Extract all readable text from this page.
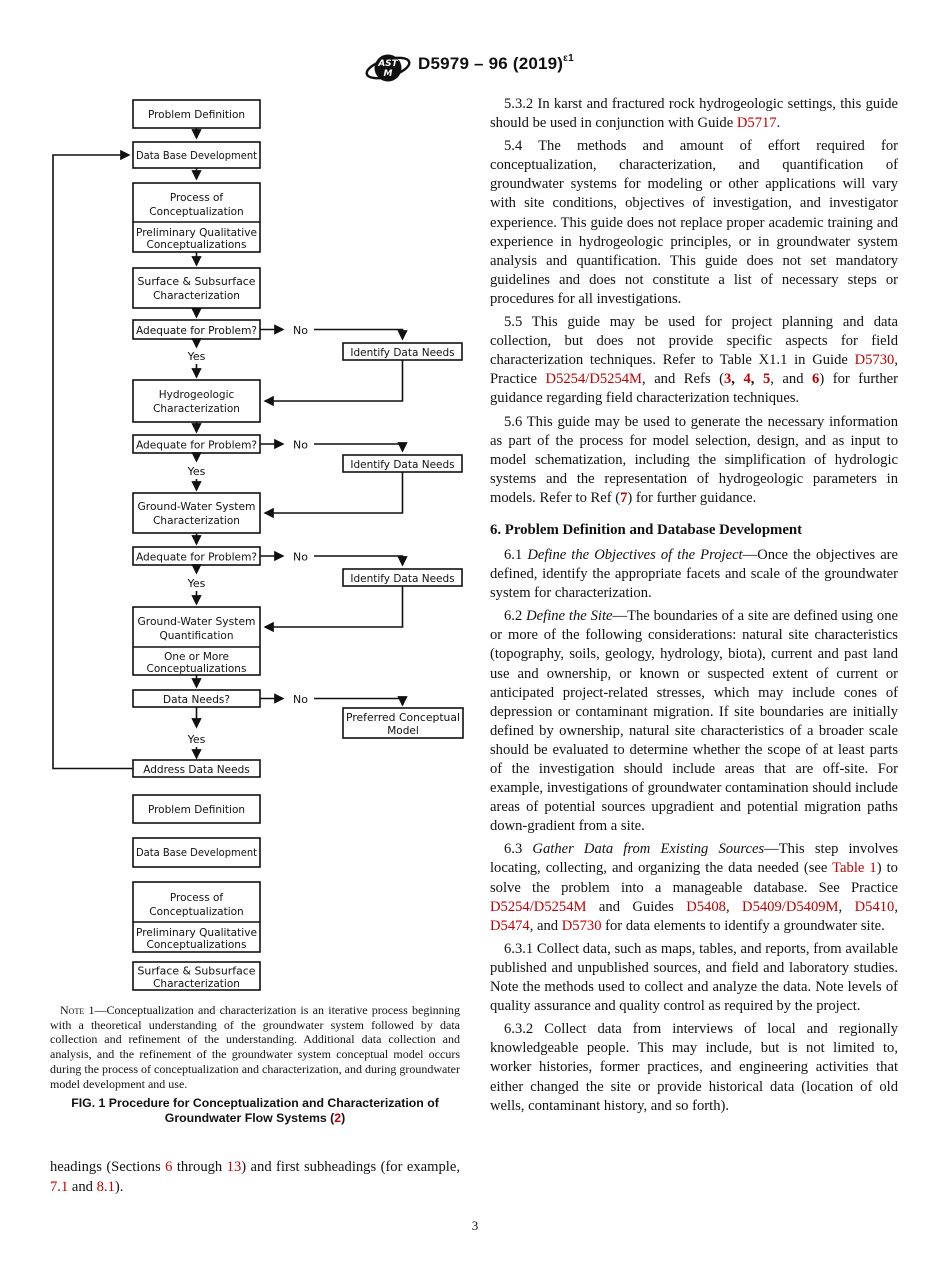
AST
M
D5979 – 96 $(2019)^{\varepsilon 1}$
Problem Definition
Data Base Development
Process of
Conceptualization
Preliminary Qualitative
Conceptualizations
Surface & Subsurface
Characterization
Adequate for Problem?	No
Identify Data Needs
Yes
Hydrogeologic
Characterization
Adequate for Problem?	No
Identify Data Needs
Yes
Ground-Water System
Characterization
Adequate for Problem?	No
Identify Data Needs
Yes
Ground-Water System
Quantification
One or More
Conceptualizations
Data Needs?	No
Preferred Conceptual
Model
Yes
Address Data Needs
Problem Definition
Data Base Development
Process of
Conceptualization
Preliminary Qualitative
Conceptualizations
Surface & Subsurface
Characterization

Note 1—Conceptualization and characterization is an iterative process beginning with a theoretical understanding of the groundwater system followed by data collection and refinement of the understanding. Additional data collection and analysis, and the refinement of the groundwater system conceptual model occurs during the process of conceptualization and characterization, and during groundwater model development and use.

FIG. 1 Procedure for Conceptualization and Characterization of Groundwater Flow Systems (2)

headings (Sections 6 through 13) and first subheadings (for example, 7.1 and 8.1).

5.3.2 In karst and fractured rock hydrogeologic settings, this guide should be used in conjunction with Guide D5717.

5.4 The methods and amount of effort required for conceptualization, characterization, and quantification of groundwater systems for modeling or other applications will vary with site conditions, objectives of investigation, and investigator experience. This guide does not replace proper academic training and experience in hydrogeologic principles, or in groundwater system analysis and quantification. This guide does not set mandatory guidelines and does not constitute a list of necessary steps or procedures for all investigations.

5.5 This guide may be used for project planning and data collection, but does not provide specific aspects for field characterization techniques. Refer to Table X1.1 in Guide D5730, Practice D5254/D5254M, and Refs (3, 4, 5, and 6) for further guidance regarding field characterization techniques.

5.6 This guide may be used to generate the necessary information as part of the process for model selection, design, and as input to model schematization, including the simplification of hydrologic systems and the representation of hydrogeologic parameters in models. Refer to Ref (7) for further guidance.

6. Problem Definition and Database Development

6.1 Define the Objectives of the Project—Once the objectives are defined, identify the appropriate facets and scale of the groundwater system for characterization.

6.2 Define the Site—The boundaries of a site are defined using one or more of the following considerations: natural site characteristics (topography, soils, geology, hydrology, biota), current and past land use and ownership, or known or suspected extent of current or anticipated project-related stresses, which may include cones of depression or contaminant migration. If site boundaries are initially defined by ownership, natural site characteristics of a broader scale should be evaluated to determine whether the scope of at least parts of the investigation should include areas that are off-site. For example, investigations of groundwater contamination should include areas of potential sources upgradient and potential migration paths down-gradient from a site.

6.3 Gather Data from Existing Sources—This step involves locating, collecting, and organizing the data needed (see Table 1) to solve the problem into a manageable database. See Practice D5254/D5254M and Guides D5408, D5409/D5409M, D5410, D5474, and D5730 for data elements to identify a groundwater site.

6.3.1 Collect data, such as maps, tables, and reports, from available published and unpublished sources, and field and laboratory studies. Note the methods used to collect and analyze the data. Note levels of quality assurance and quality control as required by the project.

6.3.2 Collect data from interviews of local and regionally knowledgeable people. This may include, but is not limited to, worker histories, former practices, and engineering activities that either changed the site or provide historical data (location of old wells, contaminant history, and so forth).

3
